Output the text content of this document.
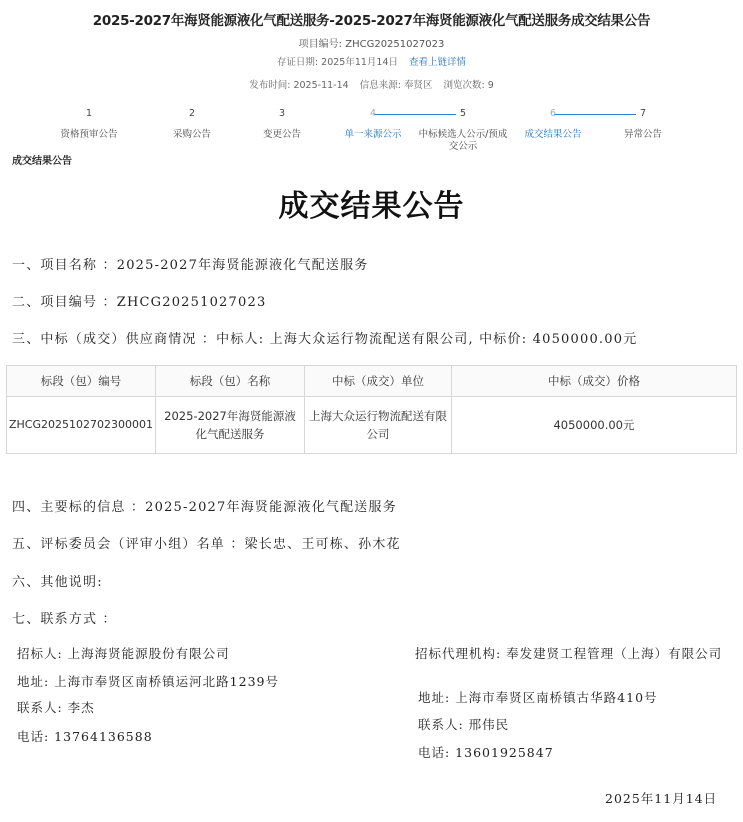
2025-2027年海贤能源液化气配送服务-2025-2027年海贤能源液化气配送服务成交结果公告
项目编号: ZHCG20251027023
存证日期: 2025年11月14日 查看上链详情
发布时间: 2025-11-14 信息来源: 奉贤区 浏览次数: 9
1
资格预审公告
2
采购公告
3
变更公告
4
单一来源公示
5
中标候选人公示/预成交公示
6
成交结果公告
7
异常公告
成交结果公告
成交结果公告
一、项目名称 ：2025-2027年海贤能源液化气配送服务
二、项目编号 ：ZHCG20251027023
三、中标（成交）供应商情况 ：中标人: 上海大众运行物流配送有限公司, 中标价: 4050000.00元
标段（包）编号	标段（包）名称	中标（成交）单位	中标（成交）价格
ZHCG2025102702300001	2025-2027年海贤能源液化气配送服务	上海大众运行物流配送有限公司	4050000.00元
四、主要标的信息 ：2025-2027年海贤能源液化气配送服务
五、评标委员会（评审小组）名单 ：梁长忠、王可栋、孙木花
六、其他说明:
七、联系方式 ：
招标人: 上海海贤能源股份有限公司
地址: 上海市奉贤区南桥镇运河北路1239号
联系人: 李杰
电话: 13764136588
招标代理机构: 奉发建贤工程管理（上海）有限公司
地址: 上海市奉贤区南桥镇古华路410号
联系人: 邢伟民
电话: 13601925847
2025年11月14日
